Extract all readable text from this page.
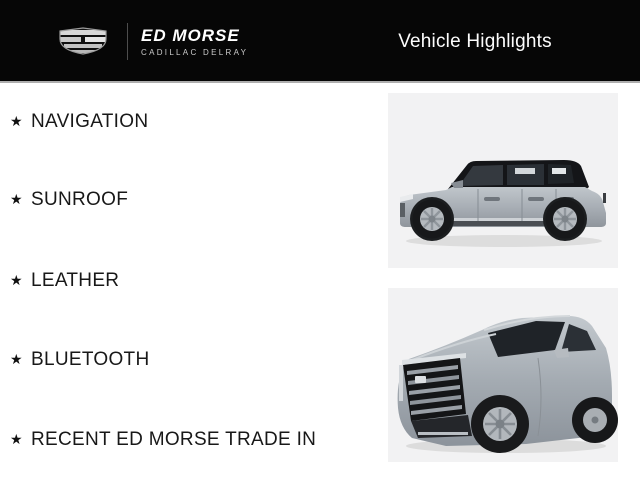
ED MORSE
CADILLAC DELRAY
Vehicle Highlights
★ NAVIGATION
★ SUNROOF
★ LEATHER
★ BLUETOOTH
★ RECENT ED MORSE TRADE IN
